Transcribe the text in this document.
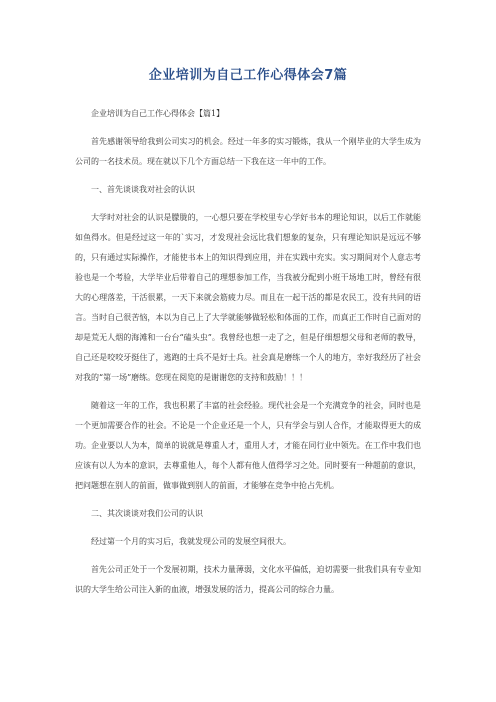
企业培训为自己工作心得体会7篇

企业培训为自己工作心得体会【篇1】

首先感谢领导给我到公司实习的机会。经过一年多的实习锻炼，我从一个刚毕业的大学生成为公司的一名技术员。现在就以下几个方面总结一下我在这一年中的工作。

一、首先谈谈我对社会的认识

大学时对社会的认识是朦胧的，一心想只要在学校里专心学好书本的理论知识，以后工作就能如鱼得水。但是经过这一年的`实习，才发现社会远比我们想象的复杂，只有理论知识是远远不够的，只有通过实际操作，才能使书本上的知识得到应用，并在实践中充实。实习期间对个人意志考验也是一个考验，大学毕业后带着自己的理想参加工作，当我被分配到小班干场地工时，曾经有很大的心理落差，干活很累，一天下来就会筋疲力尽。而且在一起干活的都是农民工，没有共同的语言。当时自己很苦恼，本以为自己上了大学就能够做轻松和体面的工作，而真正工作时自己面对的却是荒无人烟的海滩和一台台“磕头虫”。我曾经也想一走了之，但是仔细想想父母和老师的教导，自己还是咬咬牙挺住了，逃跑的士兵不是好士兵。社会真是磨练一个人的地方，幸好我经历了社会对我的“第一场”磨练。您现在阅览的是谢谢您的支持和鼓励！！！

随着这一年的工作，我也积累了丰富的社会经验。现代社会是一个充满竞争的社会，同时也是一个更加需要合作的社会。不论是一个企业还是一个人，只有学会与别人合作，才能取得更大的成功。企业要以人为本，简单的说就是尊重人才，重用人才，才能在同行业中领先。在工作中我们也应该有以人为本的意识，去尊重他人，每个人都有他人值得学习之处。同时要有一种超前的意识，把问题想在别人的前面，做事做到别人的前面，才能够在竞争中抢占先机。

二、其次谈谈对我们公司的认识

经过第一个月的实习后，我就发现公司的发展空间很大。

首先公司正处于一个发展初期，技术力量薄弱，文化水平偏低，迫切需要一批我们具有专业知识的大学生给公司注入新的血液，增强发展的活力，提高公司的综合力量。
